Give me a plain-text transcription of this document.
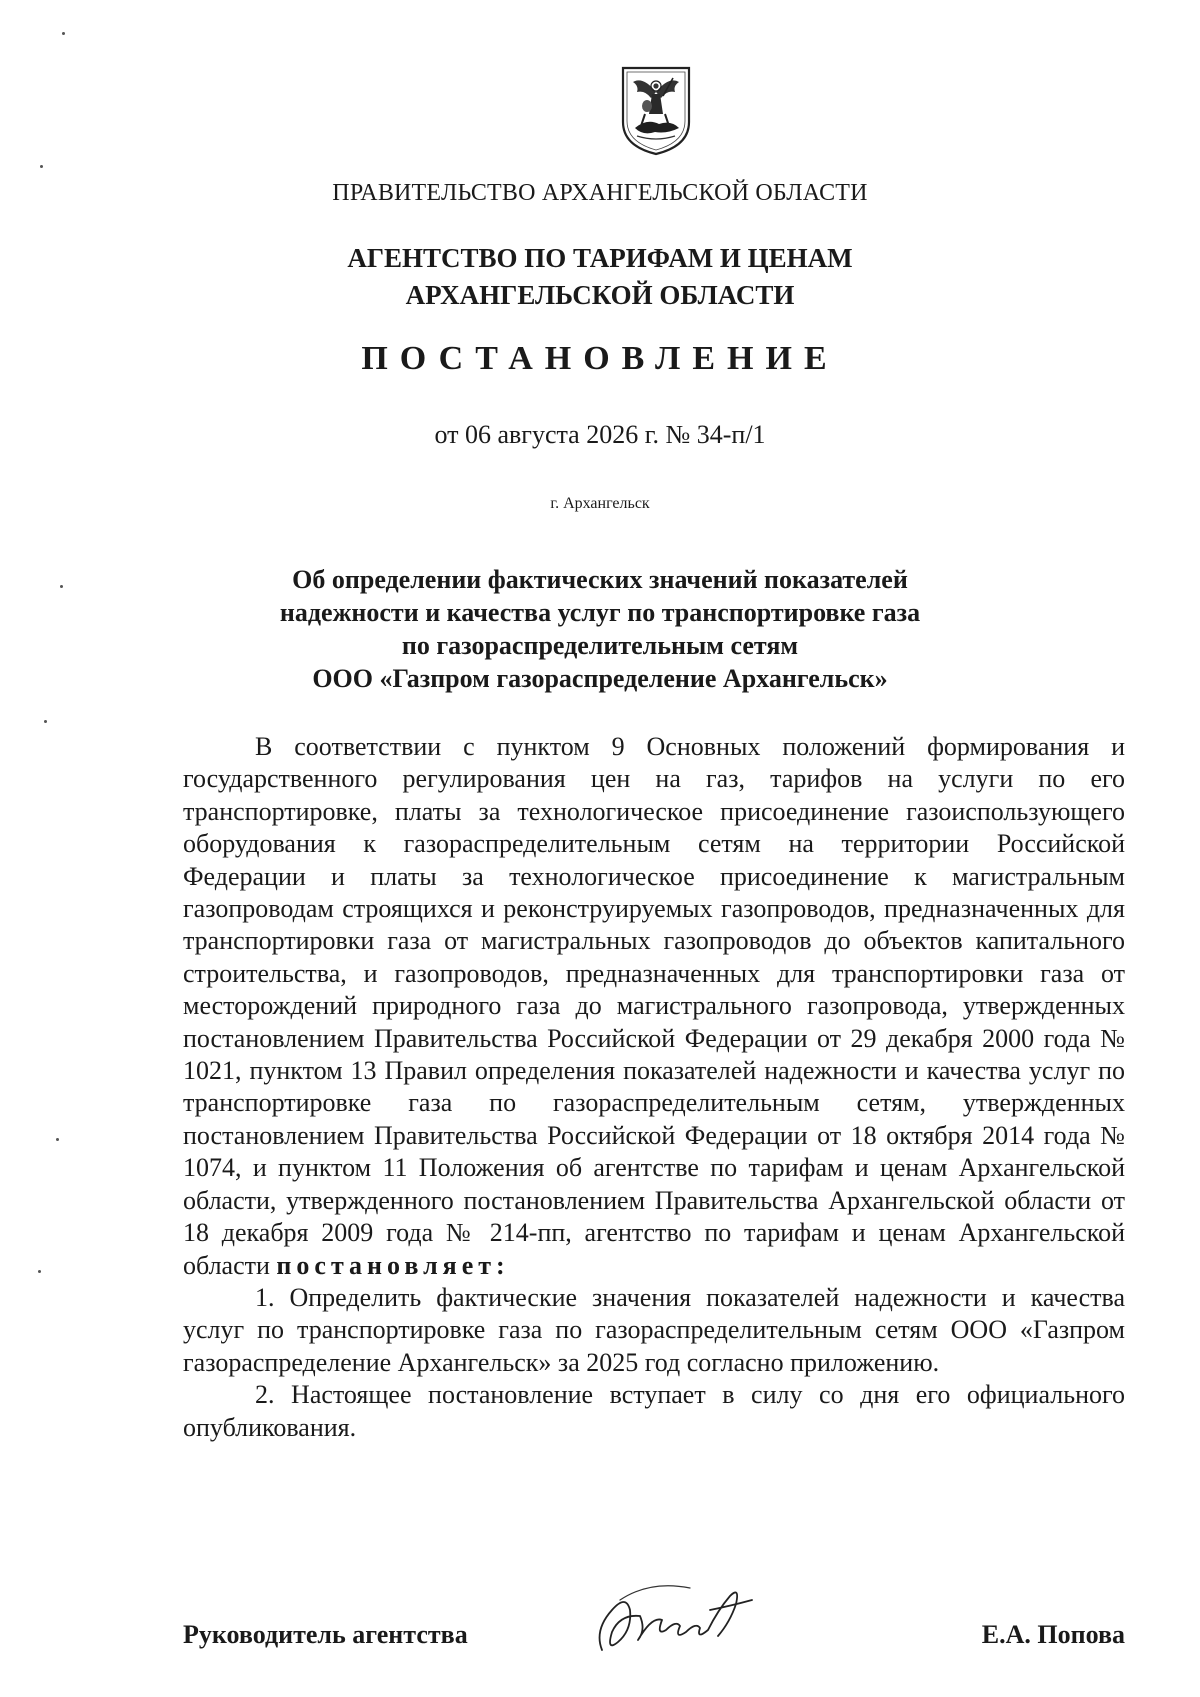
ПРАВИТЕЛЬСТВО АРХАНГЕЛЬСКОЙ ОБЛАСТИ
АГЕНТСТВО ПО ТАРИФАМ И ЦЕНАМ
АРХАНГЕЛЬСКОЙ ОБЛАСТИ
ПОСТАНОВЛЕНИЕ
от 06 августа 2026 г. № 34-п/1
г. Архангельск
Об определении фактических значений показателей
надежности и качества услуг по транспортировке газа
по газораспределительным сетям
ООО «Газпром газораспределение Архангельск»

В соответствии с пунктом 9 Основных положений формирования и государственного регулирования цен на газ, тарифов на услуги по его транспортировке, платы за технологическое присоединение газоиспользующего оборудования к газораспределительным сетям на территории Российской Федерации и платы за технологическое присоединение к магистральным газопроводам строящихся и реконструируемых газопроводов, предназначенных для транспортировки газа от магистральных газопроводов до объектов капитального строительства, и газопроводов, предназначенных для транспортировки газа от месторождений природного газа до магистрального газопровода, утвержденных постановлением Правительства Российской Федерации от 29 декабря 2000 года № 1021, пунктом 13 Правил определения показателей надежности и качества услуг по транспортировке газа по газораспределительным сетям, утвержденных постановлением Правительства Российской Федерации от 18 октября 2014 года № 1074, и пунктом 11 Положения об агентстве по тарифам и ценам Архангельской области, утвержденного постановлением Правительства Архангельской области от 18 декабря 2009 года № 214-пп, агентство по тарифам и ценам Архангельской области постановляет:

1. Определить фактические значения показателей надежности и качества услуг по транспортировке газа по газораспределительным сетям ООО «Газпром газораспределение Архангельск» за 2025 год согласно приложению.

2. Настоящее постановление вступает в силу со дня его официального опубликования.

Руководитель агентства	Е.А. Попова
